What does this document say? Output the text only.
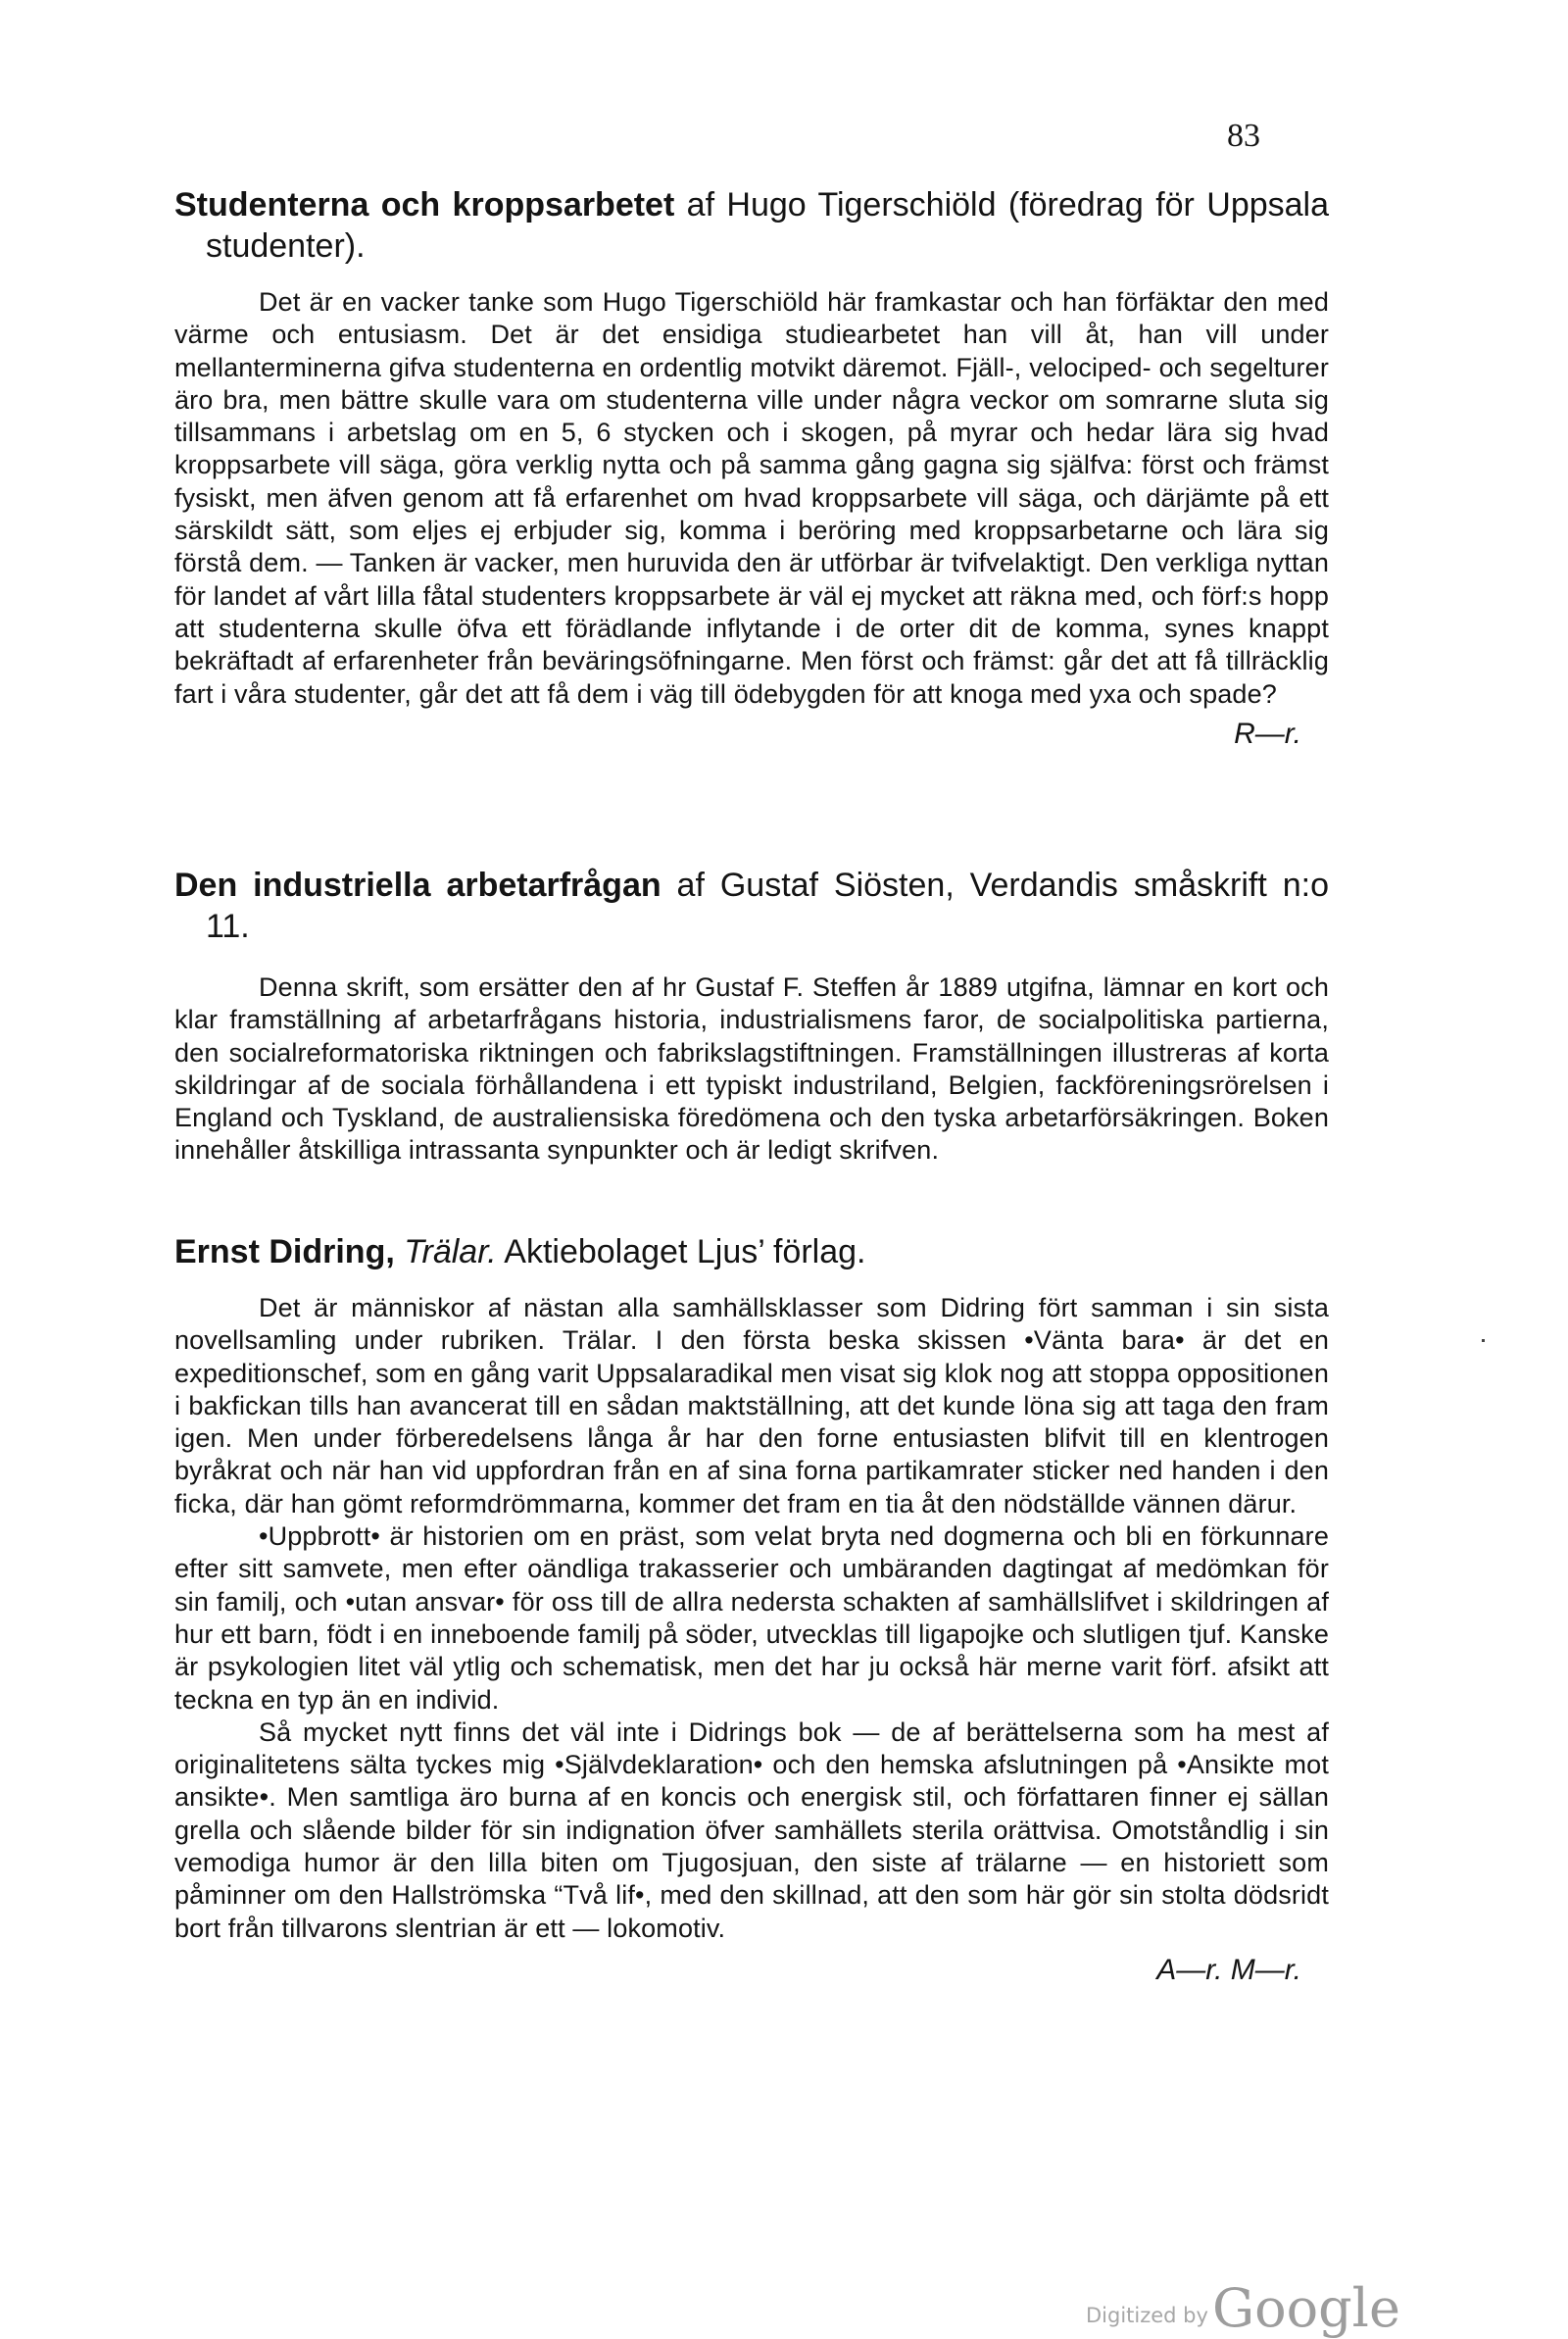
83
Studenterna och kroppsarbetet af Hugo Tigerschiöld (föredrag för Uppsala studenter).

Det är en vacker tanke som Hugo Tigerschiöld här framkastar och han förfäktar den med värme och entusiasm. Det är det ensidiga studiearbetet han vill åt, han vill under mellanterminerna gifva studenterna en ordentlig motvikt däremot. Fjäll-, velociped- och segelturer äro bra, men bättre skulle vara om studenterna ville under några veckor om somrarne sluta sig tillsammans i arbetslag om en 5, 6 stycken och i skogen, på myrar och hedar lära sig hvad kroppsarbete vill säga, göra verklig nytta och på samma gång gagna sig själfva: först och främst fysiskt, men äfven genom att få erfarenhet om hvad kroppsarbete vill säga, och därjämte på ett särskildt sätt, som eljes ej erbjuder sig, komma i beröring med kroppsarbetarne och lära sig förstå dem. — Tanken är vacker, men huruvida den är utförbar är tvifvelaktigt. Den verkliga nyttan för landet af vårt lilla fåtal studenters kroppsarbete är väl ej mycket att räkna med, och förf:s hopp att studenterna skulle öfva ett förädlande inflytande i de orter dit de komma, synes knappt bekräftadt af erfarenheter från beväringsöfningarne. Men först och främst: går det att få tillräcklig fart i våra studenter, går det att få dem i väg till ödebygden för att knoga med yxa och spade?

R—r.

Den industriella arbetarfrågan af Gustaf Siösten, Verdandis småskrift n:o 11.

Denna skrift, som ersätter den af hr Gustaf F. Steffen år 1889 utgifna, lämnar en kort och klar framställning af arbetarfrågans historia, industrialismens faror, de socialpolitiska partierna, den socialreformatoriska riktningen och fabrikslagstiftningen. Framställningen illustreras af korta skildringar af de sociala förhållandena i ett typiskt industriland, Belgien, fackföreningsrörelsen i England och Tyskland, de australiensiska föredömena och den tyska arbetarförsäkringen. Boken innehåller åtskilliga intrassanta synpunkter och är ledigt skrifven.

Ernst Didring, Trälar. Aktiebolaget Ljus’ förlag.

Det är människor af nästan alla samhällsklasser som Didring fört samman i sin sista novellsamling under rubriken. Trälar. I den första beska skissen •Vänta bara• är det en expeditionschef, som en gång varit Uppsalaradikal men visat sig klok nog att stoppa oppositionen i bakfickan tills han avancerat till en sådan maktställning, att det kunde löna sig att taga den fram igen. Men under förberedelsens långa år har den forne entusiasten blifvit till en klentrogen byråkrat och när han vid uppfordran från en af sina forna partikamrater sticker ned handen i den ficka, där han gömt reformdrömmarna, kommer det fram en tia åt den nödställde vännen därur.

•Uppbrott• är historien om en präst, som velat bryta ned dogmerna och bli en förkunnare efter sitt samvete, men efter oändliga trakasserier och umbäranden dagtingat af medömkan för sin familj, och •utan ansvar• för oss till de allra nedersta schakten af samhällslifvet i skildringen af hur ett barn, födt i en inneboende familj på söder, utvecklas till ligapojke och slutligen tjuf. Kanske är psykologien litet väl ytlig och schematisk, men det har ju också här merne varit förf. afsikt att teckna en typ än en individ.

Så mycket nytt finns det väl inte i Didrings bok — de af berättelserna som ha mest af originalitetens sälta tyckes mig •Självdeklaration• och den hemska afslutningen på •Ansikte mot ansikte•. Men samtliga äro burna af en koncis och energisk stil, och författaren finner ej sällan grella och slående bilder för sin indignation öfver samhällets sterila orättvisa. Omotståndlig i sin vemodiga humor är den lilla biten om Tjugosjuan, den siste af trälarne — en historiett som påminner om den Hallströmska “Två lif•, med den skillnad, att den som här gör sin stolta dödsridt bort från tillvarons slentrian är ett — lokomotiv.

A—r. M—r.

Digitized byGoogle
